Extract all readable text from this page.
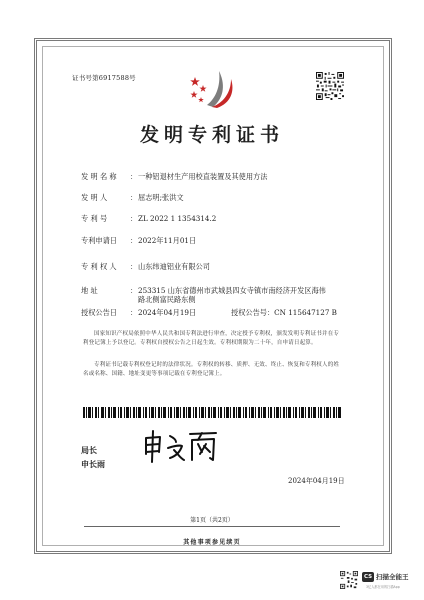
证书号第6917588号
发明专利证书
发 明 名 称 ：一种铝退材生产用校直装置及其使用方法
发 明 人	：屈志明;张洪文
专 利 号	：ZL 2022 1 1354314.2
专利申请日 ：2022年11月01日
专 利 权 人 ：山东纬迪铝业有限公司
地 址	：253315 山东省德州市武城县四女寺镇市南经济开发区海伟路北侧富民路东侧
授权公告日 ：2024年04月19日	授权公告号：CN 115647127 B
国家知识产权局依照中华人民共和国专利法进行审查，决定授予专利权，颁发发明专利证书并在专利登记簿上予以登记。专利权自授权公告之日起生效。专利权期限为二十年，自申请日起算。
专利证书记载专利权登记时的法律状况。专利权的转移、质押、无效、终止、恢复和专利权人的姓名或名称、国籍、地址变更等事项记载在专利登记簿上。
局长
申长雨
2024年04月19日
第1页（共2页）
其他事项参见续页
CS 扫描全能王
3亿人都在用的扫描App
